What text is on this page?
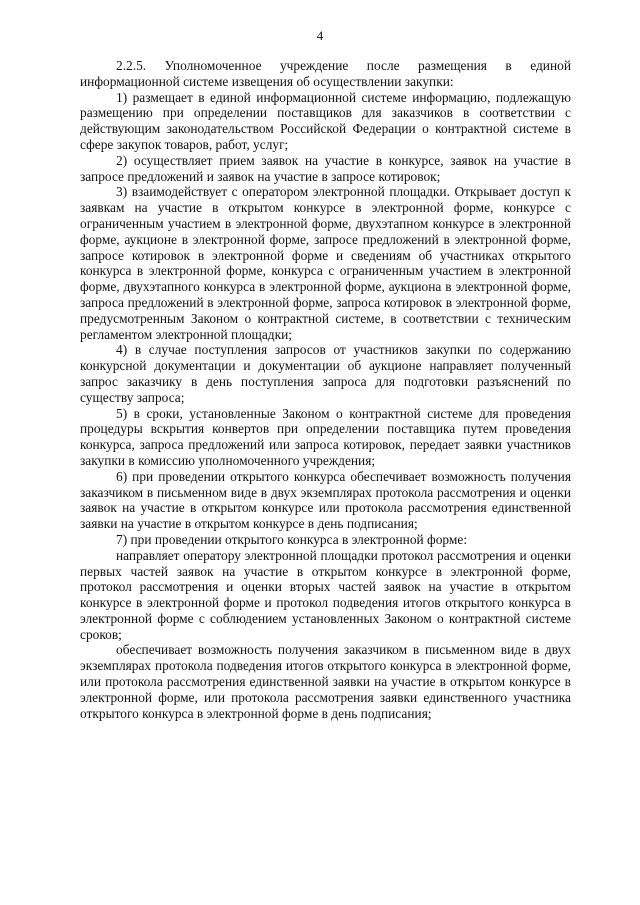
4

2.2.5. Уполномоченное учреждение после размещения в единой информационной системе извещения об осуществлении закупки:

1) размещает в единой информационной системе информацию, подлежащую размещению при определении поставщиков для заказчиков в соответствии с действующим законодательством Российской Федерации о контрактной системе в сфере закупок товаров, работ, услуг;

2) осуществляет прием заявок на участие в конкурсе, заявок на участие в запросе предложений и заявок на участие в запросе котировок;

3) взаимодействует с оператором электронной площадки. Открывает доступ к заявкам на участие в открытом конкурсе в электронной форме, конкурсе с ограниченным участием в электронной форме, двухэтапном конкурсе в электронной форме, аукционе в электронной форме, запросе предложений в электронной форме, запросе котировок в электронной форме и сведениям об участниках открытого конкурса в электронной форме, конкурса с ограниченным участием в электронной форме, двухэтапного конкурса в электронной форме, аукциона в электронной форме, запроса предложений в электронной форме, запроса котировок в электронной форме, предусмотренным Законом о контрактной системе, в соответствии с техническим регламентом электронной площадки;

4) в случае поступления запросов от участников закупки по содержанию конкурсной документации и документации об аукционе направляет полученный запрос заказчику в день поступления запроса для подготовки разъяснений по существу запроса;

5) в сроки, установленные Законом о контрактной системе для проведения процедуры вскрытия конвертов при определении поставщика путем проведения конкурса, запроса предложений или запроса котировок, передает заявки участников закупки в комиссию уполномоченного учреждения;

6) при проведении открытого конкурса обеспечивает возможность получения заказчиком в письменном виде в двух экземплярах протокола рассмотрения и оценки заявок на участие в открытом конкурсе или протокола рассмотрения единственной заявки на участие в открытом конкурсе в день подписания;

7) при проведении открытого конкурса в электронной форме:

направляет оператору электронной площадки протокол рассмотрения и оценки первых частей заявок на участие в открытом конкурсе в электронной форме, протокол рассмотрения и оценки вторых частей заявок на участие в открытом конкурсе в электронной форме и протокол подведения итогов открытого конкурса в электронной форме с соблюдением установленных Законом о контрактной системе сроков;

обеспечивает возможность получения заказчиком в письменном виде в двух экземплярах протокола подведения итогов открытого конкурса в электронной форме, или протокола рассмотрения единственной заявки на участие в открытом конкурсе в электронной форме, или протокола рассмотрения заявки единственного участника открытого конкурса в электронной форме в день подписания;
